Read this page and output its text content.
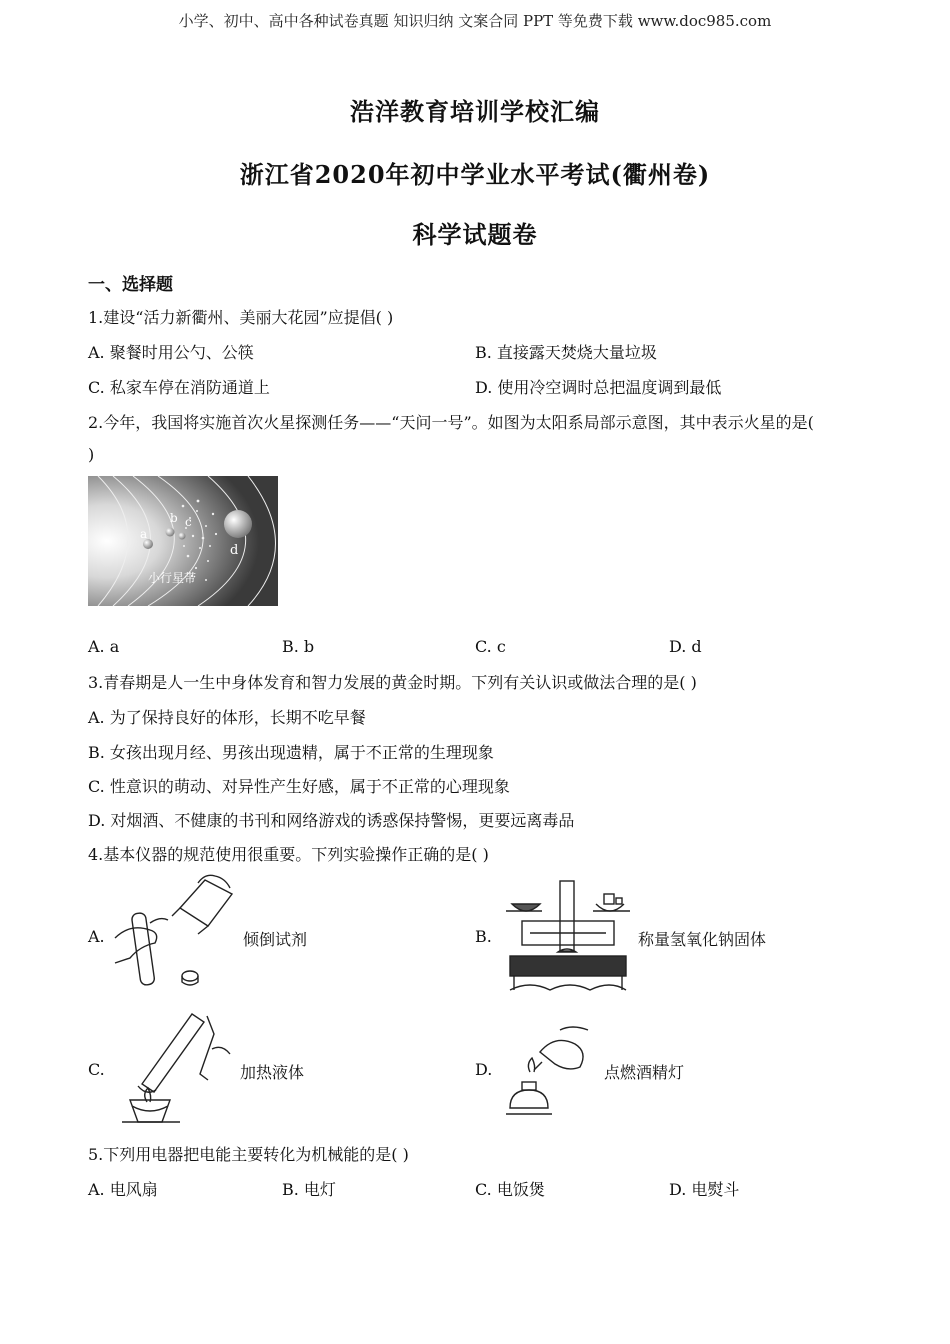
小学、初中、高中各种试卷真题 知识归纳 文案合同 PPT 等免费下载 www.doc985.com
浩洋教育培训学校汇编
浙江省2020年初中学业水平考试(衢州卷)
科学试题卷
一、选择题
1.建设“活力新衢州、美丽大花园”应提倡( )
A. 聚餐时用公勺、公筷	B. 直接露天焚烧大量垃圾
C. 私家车停在消防通道上	D. 使用冷空调时总把温度调到最低
2.今年，我国将实施首次火星探测任务——“天问一号”。如图为太阳系局部示意图，其中表示火星的是(
)
a
b c
d
小行星带
A. a	B. b	C. c	D. d
3.青春期是人一生中身体发育和智力发展的黄金时期。下列有关认识或做法合理的是( )
A. 为了保持良好的体形，长期不吃早餐
B. 女孩出现月经、男孩出现遗精，属于不正常的生理现象
C. 性意识的萌动、对异性产生好感，属于不正常的心理现象
D. 对烟酒、不健康的书刊和网络游戏的诱惑保持警惕，更要远离毒品
4.基本仪器的规范使用很重要。下列实验操作正确的是( )
A.	倾倒试剂	B.	称量氢氧化钠固体
C.	加热液体	D.	点燃酒精灯
5.下列用电器把电能主要转化为机械能的是( )
A. 电风扇	B. 电灯	C. 电饭煲	D. 电熨斗
